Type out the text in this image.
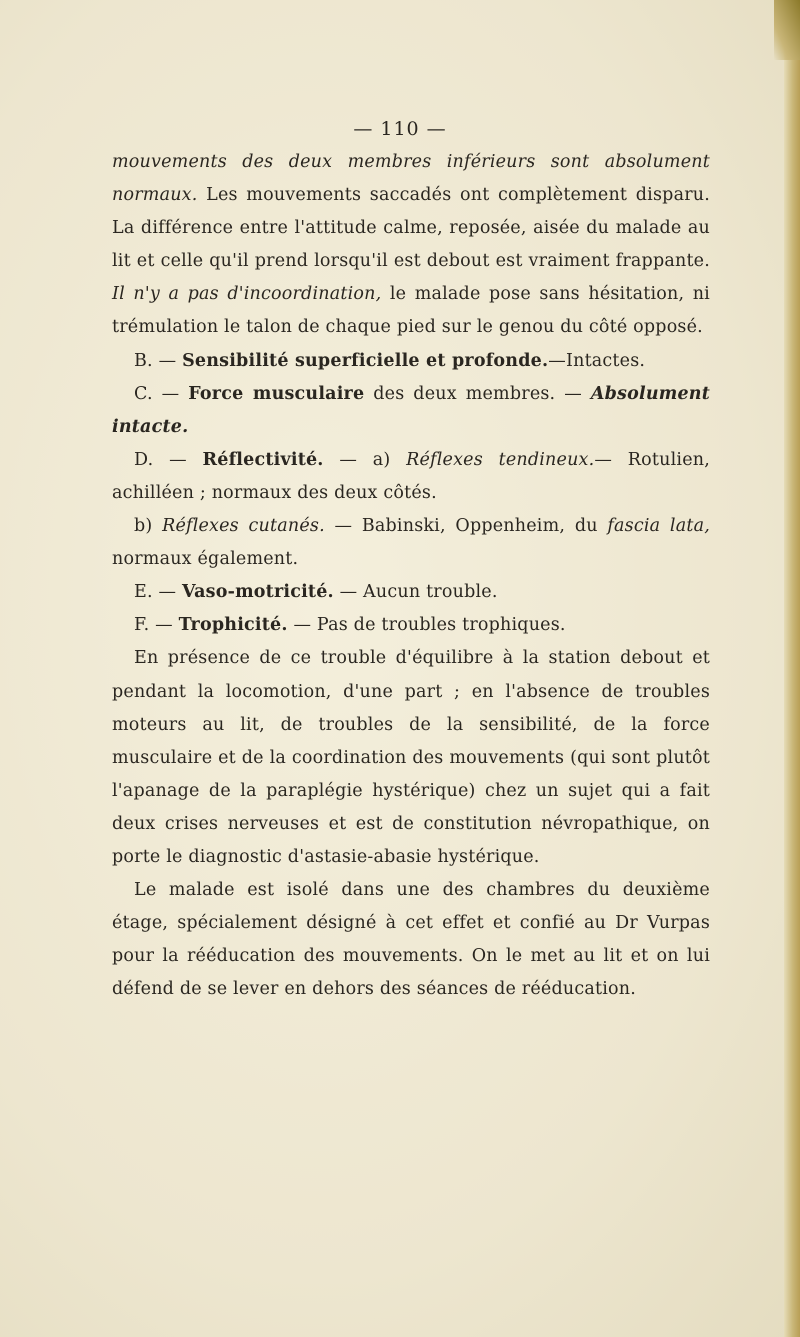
— 110 —

mouvements des deux membres inférieurs sont absolument normaux. Les mouvements saccadés ont complètement disparu. La différence entre l'attitude calme, reposée, aisée du malade au lit et celle qu'il prend lorsqu'il est debout est vraiment frappante. Il n'y a pas d'incoordination, le malade pose sans hésitation, ni trémulation le talon de chaque pied sur le genou du côté opposé.

B. — Sensibilité superficielle et profonde.—Intactes.

C. — Force musculaire des deux membres. — Absolument intacte.

D. — Réflectivité. — a) Réflexes tendineux.— Rotulien, achilléen ; normaux des deux côtés.

b) Réflexes cutanés. — Babinski, Oppenheim, du fascia lata, normaux également.

E. — Vaso-motricité. — Aucun trouble.

F. — Trophicité. — Pas de troubles trophiques.

En présence de ce trouble d'équilibre à la station debout et pendant la locomotion, d'une part ; en l'absence de troubles moteurs au lit, de troubles de la sensibilité, de la force musculaire et de la coordination des mouvements (qui sont plutôt l'apanage de la paraplégie hystérique) chez un sujet qui a fait deux crises nerveuses et est de constitution névropathique, on porte le diagnostic d'astasie-abasie hystérique.

Le malade est isolé dans une des chambres du deuxième étage, spécialement désigné à cet effet et confié au Dr Vurpas pour la rééducation des mouvements. On le met au lit et on lui défend de se lever en dehors des séances de rééducation.
